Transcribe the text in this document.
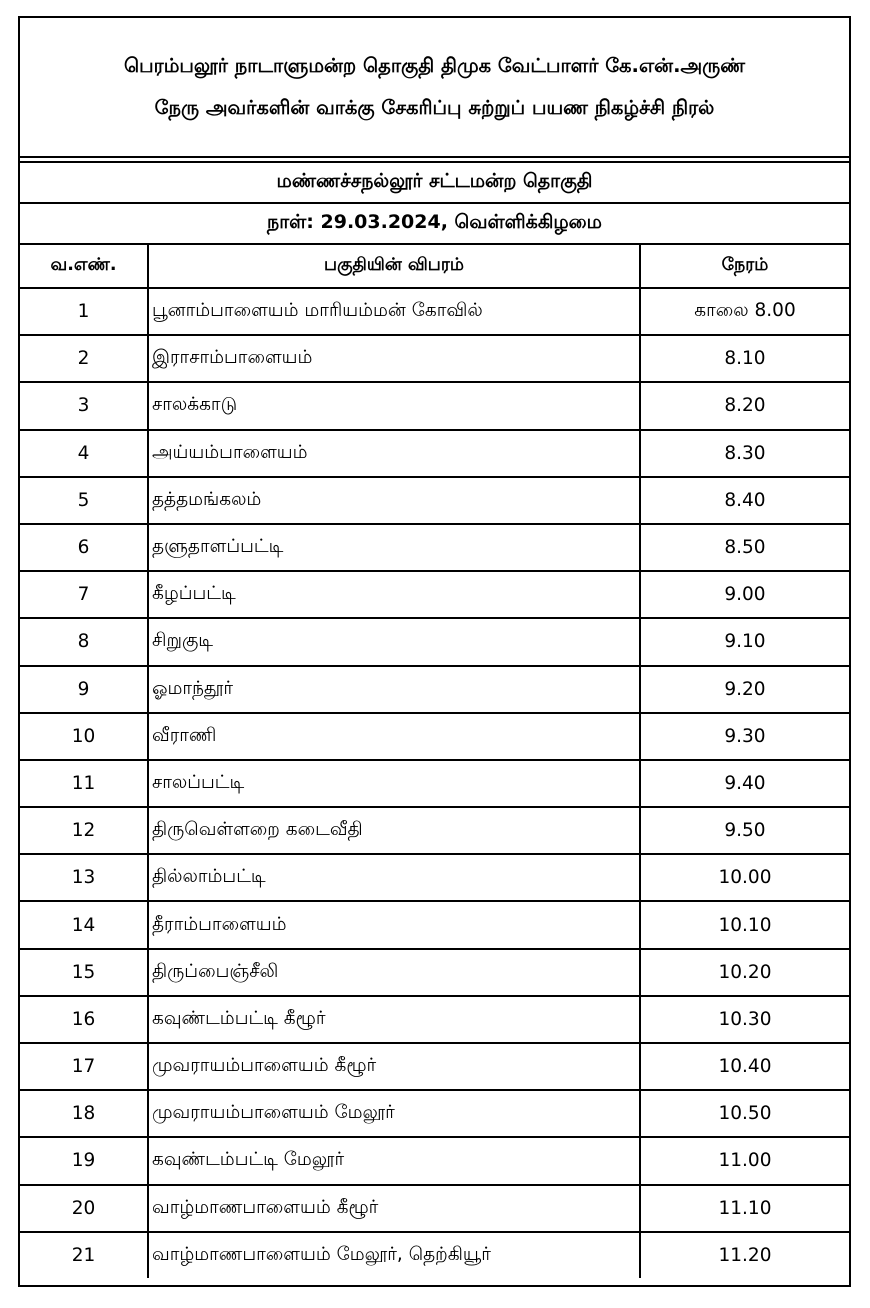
பெரம்பலூர் நாடாளுமன்ற தொகுதி திமுக வேட்பாளர் கே.என்.அருண்
நேரு அவர்களின் வாக்கு சேகரிப்பு சுற்றுப் பயண நிகழ்ச்சி நிரல்
மண்ணச்சநல்லூர் சட்டமன்ற தொகுதி
நாள்: 29.03.2024, வெள்ளிக்கிழமை
வ.எண்.	பகுதியின் விபரம்	நேரம்
1	பூனாம்பாளையம் மாரியம்மன் கோவில்	காலை 8.00
2	இராசாம்பாளையம்	8.10
3	சாலக்காடு	8.20
4	அய்யம்பாளையம்	8.30
5	தத்தமங்கலம்	8.40
6	தளுதாளப்பட்டி	8.50
7	கீழப்பட்டி	9.00
8	சிறுகுடி	9.10
9	ஓமாந்தூர்	9.20
10	வீராணி	9.30
11	சாலப்பட்டி	9.40
12	திருவெள்ளறை கடைவீதி	9.50
13	தில்லாம்பட்டி	10.00
14	தீராம்பாளையம்	10.10
15	திருப்பைஞ்சீலி	10.20
16	கவுண்டம்பட்டி கீழூர்	10.30
17	முவராயம்பாளையம் கீழூர்	10.40
18	முவராயம்பாளையம் மேலூர்	10.50
19	கவுண்டம்பட்டி மேலூர்	11.00
20	வாழ்மாணபாளையம் கீழூர்	11.10
21	வாழ்மாணபாளையம் மேலூர், தெற்கியூர்	11.20
